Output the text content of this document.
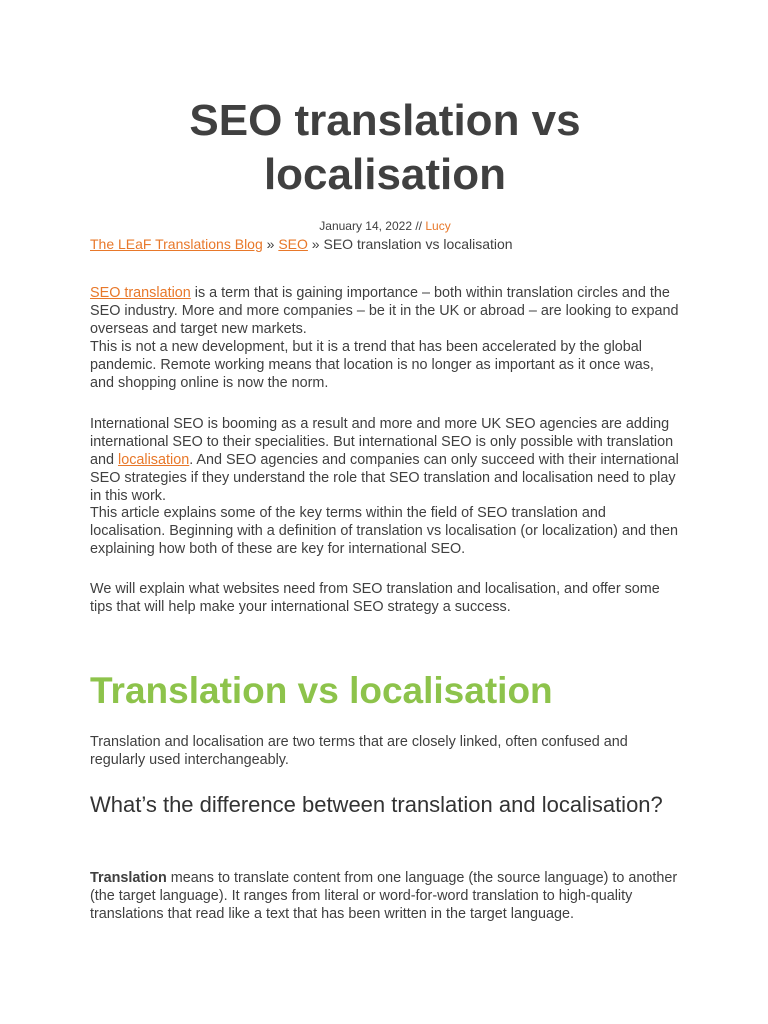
SEO translation vs
localisation
January 14, 2022 // Lucy
The LEaF Translations Blog » SEO » SEO translation vs localisation

SEO translation is a term that is gaining importance – both within translation circles and the SEO industry. More and more companies – be it in the UK or abroad – are looking to expand overseas and target new markets.

This is not a new development, but it is a trend that has been accelerated by the global pandemic. Remote working means that location is no longer as important as it once was, and shopping online is now the norm.

International SEO is booming as a result and more and more UK SEO agencies are adding international SEO to their specialities. But international SEO is only possible with translation and localisation. And SEO agencies and companies can only succeed with their international SEO strategies if they understand the role that SEO translation and localisation need to play in this work.

This article explains some of the key terms within the field of SEO translation and localisation. Beginning with a definition of translation vs localisation (or localization) and then explaining how both of these are key for international SEO.

We will explain what websites need from SEO translation and localisation, and offer some tips that will help make your international SEO strategy a success.

Translation vs localisation

Translation and localisation are two terms that are closely linked, often confused and regularly used interchangeably.

What’s the difference between translation and localisation?

Translation means to translate content from one language (the source language) to another (the target language). It ranges from literal or word-for-word translation to high-quality translations that read like a text that has been written in the target language.
